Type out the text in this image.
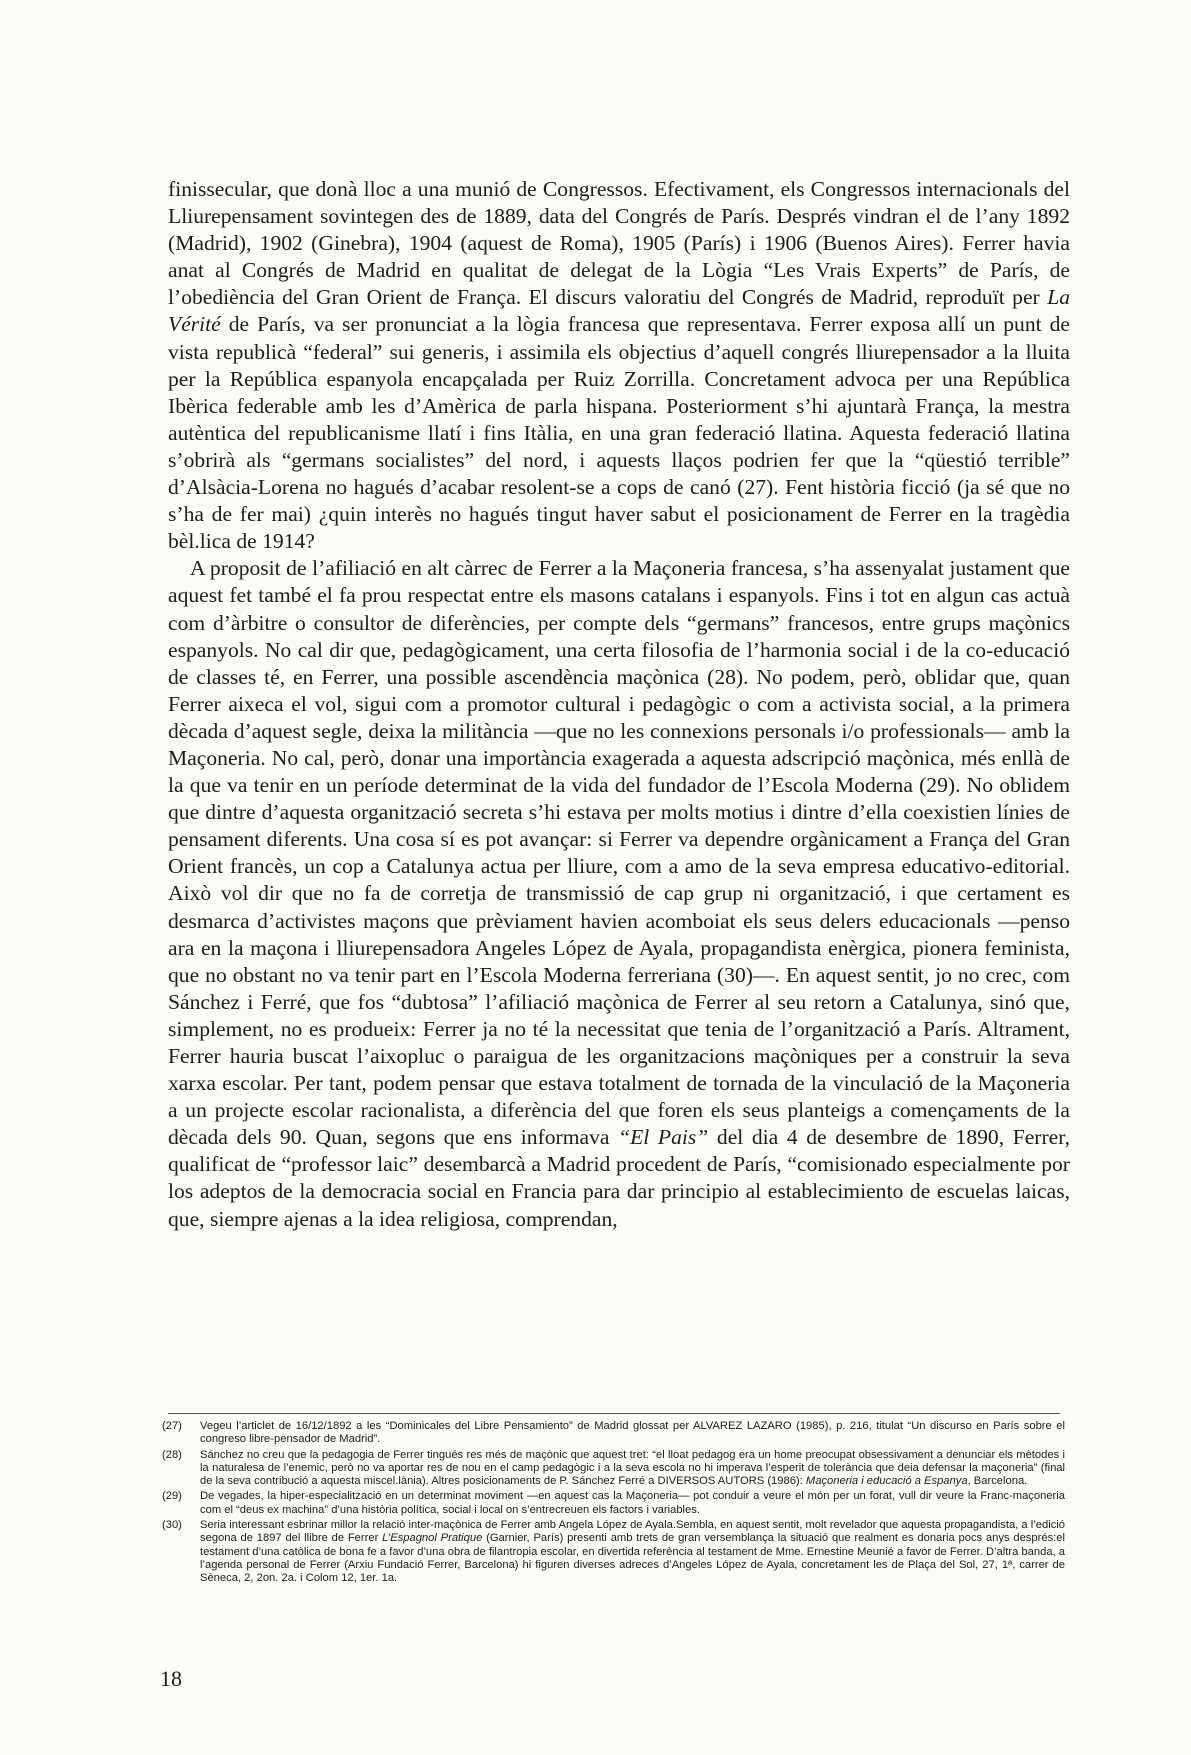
finissecular, que donà lloc a una munió de Congressos. Efectivament, els Congressos internacionals del Lliurepensament sovintegen des de 1889, data del Congrés de París. Després vindran el de l’any 1892 (Madrid), 1902 (Ginebra), 1904 (aquest de Roma), 1905 (París) i 1906 (Buenos Aires). Ferrer havia anat al Congrés de Madrid en qualitat de delegat de la Lògia “Les Vrais Experts” de París, de l’obediència del Gran Orient de França. El discurs valoratiu del Congrés de Madrid, reproduït per La Vérité de París, va ser pronunciat a la lògia francesa que representava. Ferrer exposa allí un punt de vista republicà “federal” sui generis, i assimila els objectius d’aquell congrés lliurepensador a la lluita per la República espanyola encapçalada per Ruiz Zorrilla. Concretament advoca per una República Ibèrica federable amb les d’Amèrica de parla hispana. Posteriorment s’hi ajuntarà França, la mestra autèntica del republicanisme llatí i fins Itàlia, en una gran federació llatina. Aquesta federació llatina s’obrirà als “germans socialistes” del nord, i aquests llaços podrien fer que la “qüestió terrible” d’Alsàcia-Lorena no hagués d’acabar resolent-se a cops de canó (27). Fent història ficció (ja sé que no s’ha de fer mai) ¿quin interès no hagués tingut haver sabut el posicionament de Ferrer en la tragèdia bèl.lica de 1914?

A proposit de l’afiliació en alt càrrec de Ferrer a la Maçoneria francesa, s’ha assenyalat justament que aquest fet també el fa prou respectat entre els masons catalans i espanyols. Fins i tot en algun cas actuà com d’àrbitre o consultor de diferències, per compte dels “germans” francesos, entre grups maçònics espanyols. No cal dir que, pedagògicament, una certa filosofia de l’harmonia social i de la co-educació de classes té, en Ferrer, una possible ascendència maçònica (28). No podem, però, oblidar que, quan Ferrer aixeca el vol, sigui com a promotor cultural i pedagògic o com a activista social, a la primera dècada d’aquest segle, deixa la militància —que no les connexions personals i/o professionals— amb la Maçoneria. No cal, però, donar una importància exagerada a aquesta adscripció maçònica, més enllà de la que va tenir en un període determinat de la vida del fundador de l’Escola Moderna (29). No oblidem que dintre d’aquesta organització secreta s’hi estava per molts motius i dintre d’ella coexistien línies de pensament diferents. Una cosa sí es pot avançar: si Ferrer va dependre orgànicament a França del Gran Orient francès, un cop a Catalunya actua per lliure, com a amo de la seva empresa educativo-editorial. Això vol dir que no fa de corretja de transmissió de cap grup ni organització, i que certament es desmarca d’activistes maçons que prèviament havien acomboiat els seus delers educacionals —penso ara en la maçona i lliurepensadora Angeles López de Ayala, propagandista enèrgica, pionera feminista, que no obstant no va tenir part en l’Escola Moderna ferreriana (30)—. En aquest sentit, jo no crec, com Sánchez i Ferré, que fos “dubtosa” l’afiliació maçònica de Ferrer al seu retorn a Catalunya, sinó que, simplement, no es produeix: Ferrer ja no té la necessitat que tenia de l’organització a París. Altrament, Ferrer hauria buscat l’aixopluc o paraigua de les organitzacions maçòniques per a construir la seva xarxa escolar. Per tant, podem pensar que estava totalment de tornada de la vinculació de la Maçoneria a un projecte escolar racionalista, a diferència del que foren els seus planteigs a començaments de la dècada dels 90. Quan, segons que ens informava “El Pais” del dia 4 de desembre de 1890, Ferrer, qualificat de “professor laic” desembarcà a Madrid procedent de París, “comisionado especialmente por los adeptos de la democracia social en Francia para dar principio al establecimiento de escuelas laicas, que, siempre ajenas a la idea religiosa, comprendan,

(27) Vegeu l’articlet de 16/12/1892 a les “Dominicales del Libre Pensamiento” de Madrid glossat per ALVAREZ LAZARO (1985), p. 216, titulat “Un discurso en París sobre el congreso libre-pensador de Madrid”.
(28) Sánchez no creu que la pedagogia de Ferrer tingués res més de maçònic que aquest tret: “el lloat pedagog era un home preocupat obsessivament a denunciar els mètodes i la naturalesa de l’enemic, però no va aportar res de nou en el camp pedagògic i a la seva escola no hi imperava l’esperit de tolerància que deia defensar la maçoneria” (final de la seva contribució a aquesta miscel.lània). Altres posicionaments de P. Sánchez Ferré a DIVERSOS AUTORS (1986): Maçoneria i educació a Espanya, Barcelona.
(29) De vegades, la hiper-especialització en un determinat moviment —en aquest cas la Maçoneria— pot conduir a veure el món per un forat, vull dir veure la Franc-maçoneria com el “deus ex machina” d’una història política, social i local on s’entrecreuen els factors i variables.
(30) Seria interessant esbrinar millor la relació inter-maçònica de Ferrer amb Angela López de Ayala.Sembla, en aquest sentit, molt revelador que aquesta propagandista, a l’edició segona de 1897 del llibre de Ferrer L’Espagnol Pratique (Garnier, París) presenti amb trets de gran versemblança la situació que realment es donaria pocs anys després:el testament d’una catòlica de bona fe a favor d’una obra de filantropia escolar, en divertida referència al testament de Mme. Ernestine Meunié a favor de Ferrer. D’altra banda, a l’agenda personal de Ferrer (Arxiu Fundació Ferrer, Barcelona) hi figuren diverses adreces d’Angeles López de Ayala, concretament les de Plaça del Sol, 27, 1ª, carrer de Sèneca, 2, 2on. 2a. i Colom 12, 1er. 1a.
18
